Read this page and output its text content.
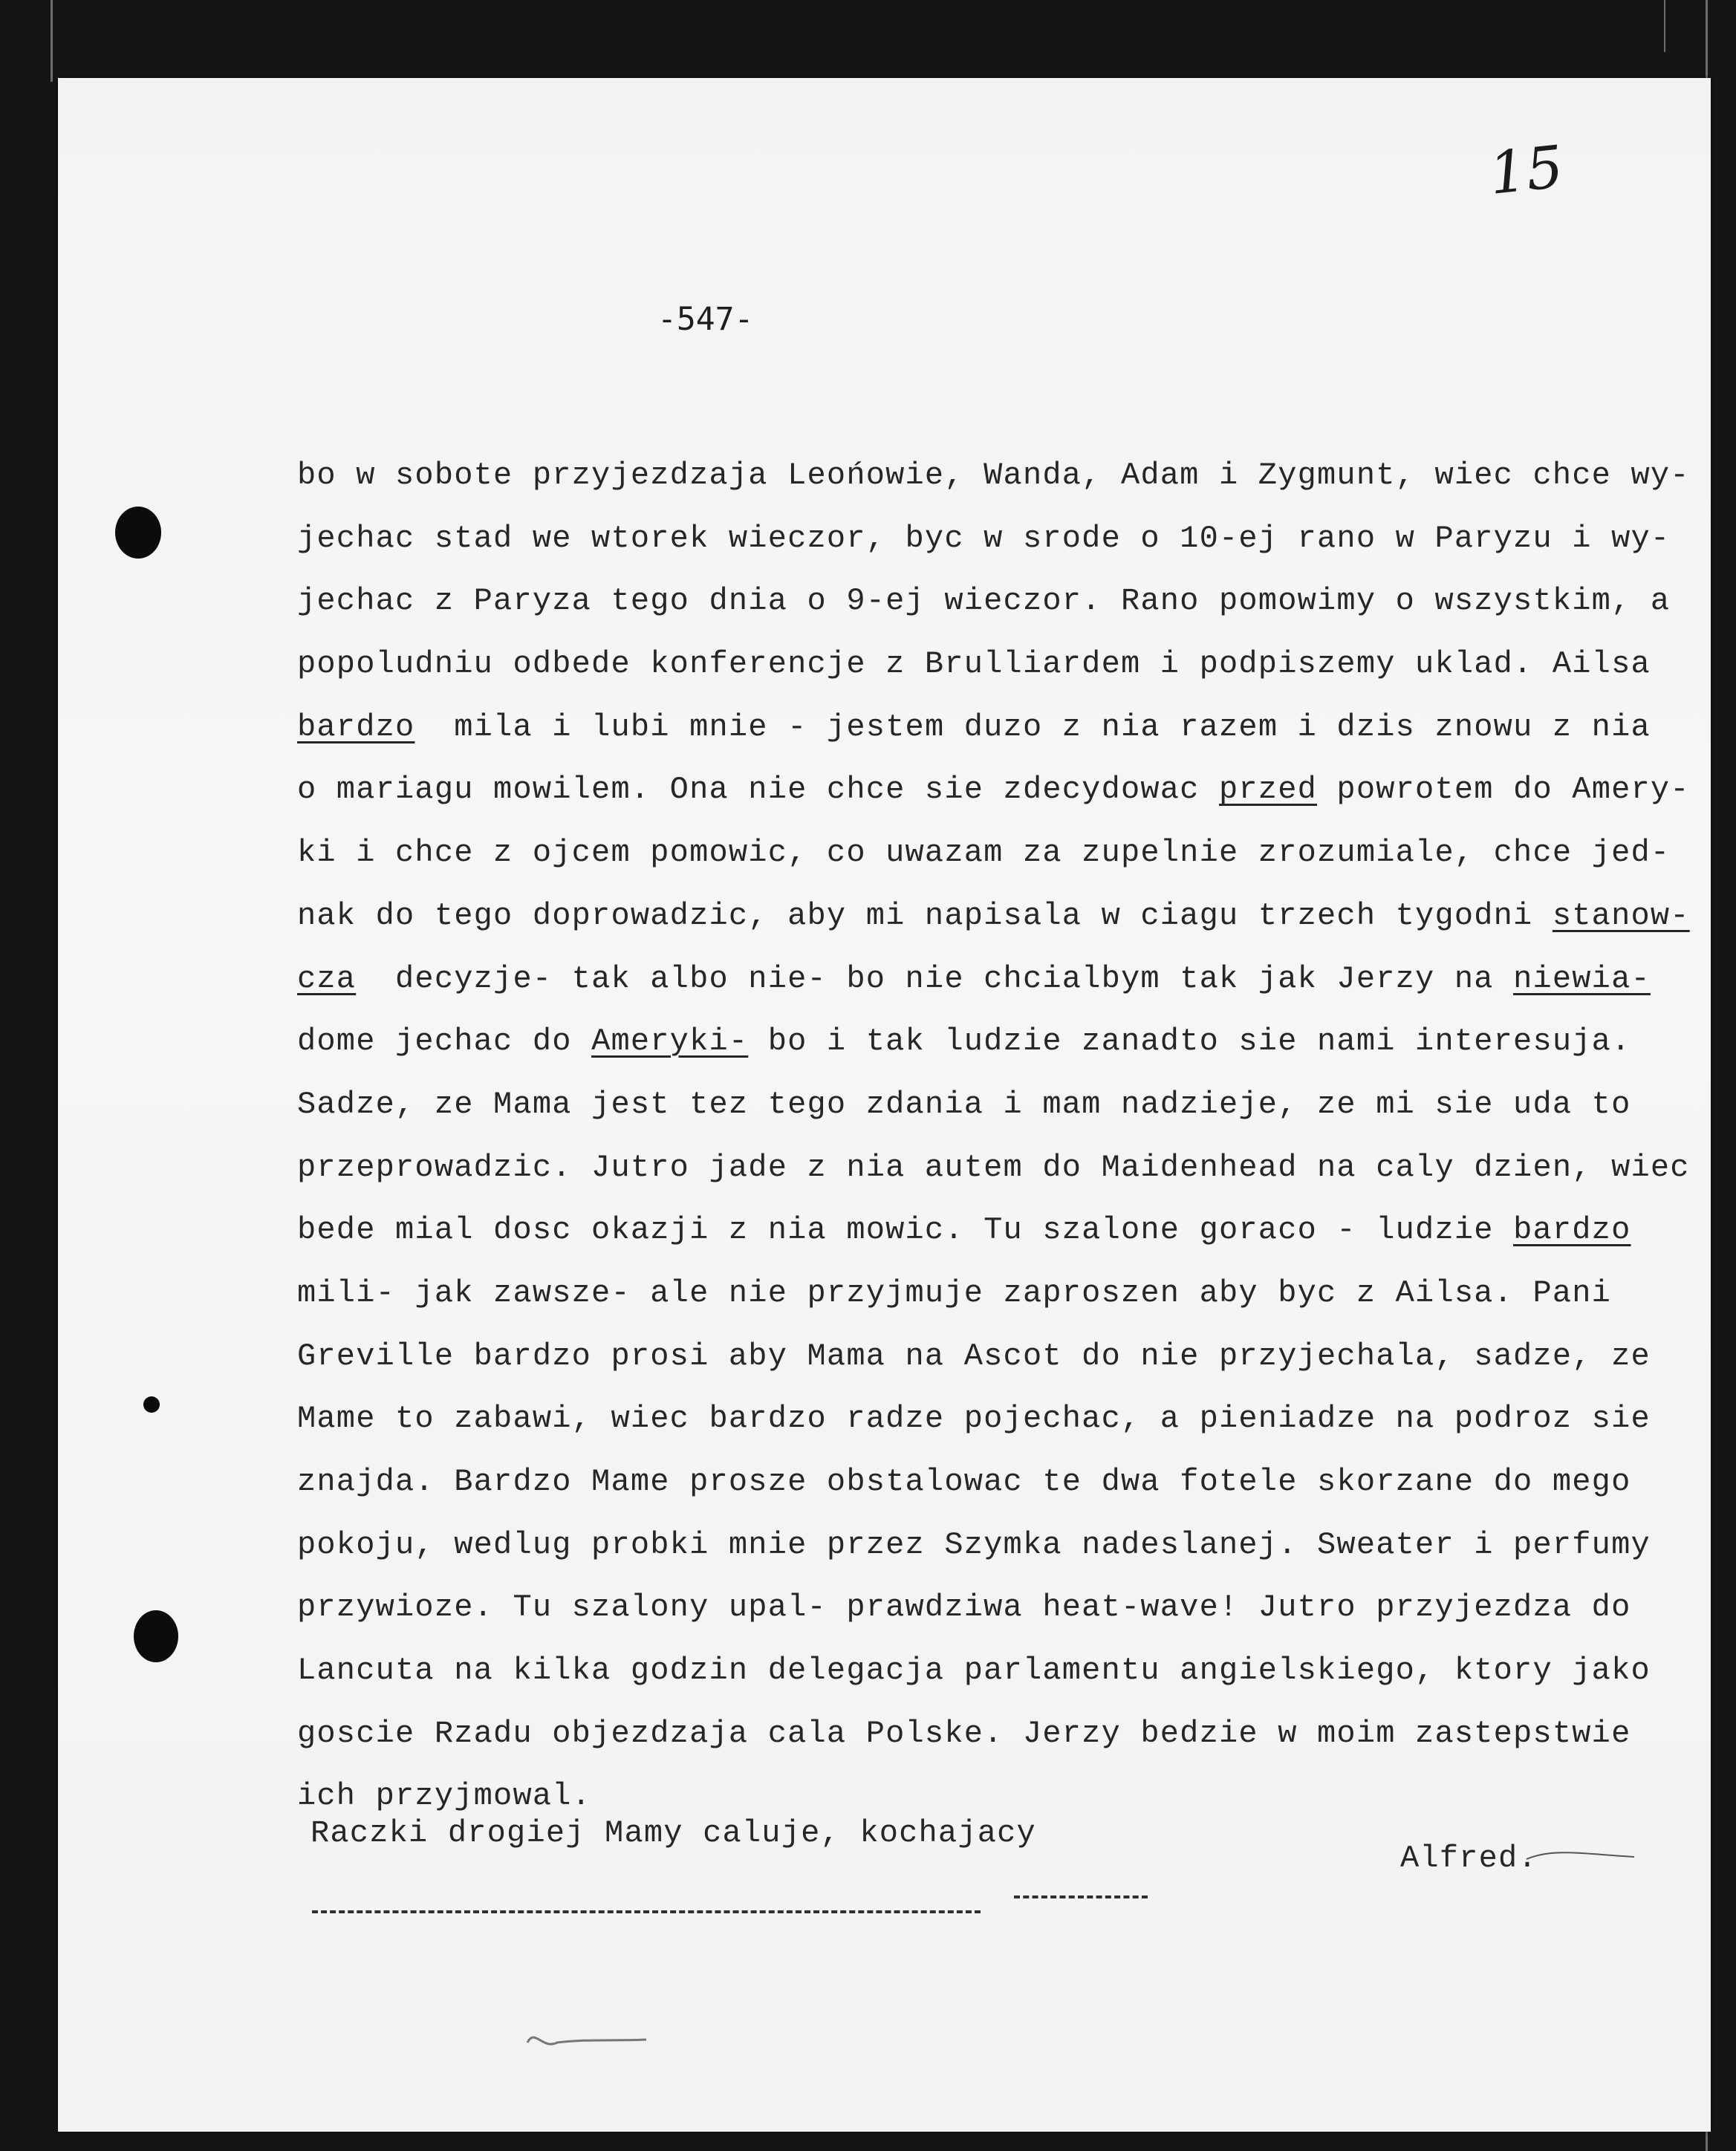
15
-547-
bo w sobote przyjezdzaja Leońowie, Wanda, Adam i Zygmunt, wiec chce wy-
jechac stad we wtorek wieczor, byc w srode o 10-ej rano w Paryzu i wy-
jechac z Paryza tego dnia o 9-ej wieczor. Rano pomowimy o wszystkim, a
popoludniu odbede konferencje z Brulliardem i podpiszemy uklad. Ailsa
bardzo  mila i lubi mnie - jestem duzo z nia razem i dzis znowu z nia
o mariagu mowilem. Ona nie chce sie zdecydowac przed powrotem do Amery-
ki i chce z ojcem pomowic, co uwazam za zupelnie zrozumiale, chce jed-
nak do tego doprowadzic, aby mi napisala w ciagu trzech tygodni stanow-
cza  decyzje- tak albo nie- bo nie chcialbym tak jak Jerzy na niewia-
dome jechac do Ameryki- bo i tak ludzie zanadto sie nami interesuja.
Sadze, ze Mama jest tez tego zdania i mam nadzieje, ze mi sie uda to
przeprowadzic. Jutro jade z nia autem do Maidenhead na caly dzien, wiec
bede mial dosc okazji z nia mowic. Tu szalone goraco - ludzie bardzo
mili- jak zawsze- ale nie przyjmuje zaproszen aby byc z Ailsa. Pani
Greville bardzo prosi aby Mama na Ascot do nie przyjechala, sadze, ze
Mame to zabawi, wiec bardzo radze pojechac, a pieniadze na podroz sie
znajda. Bardzo Mame prosze obstalowac te dwa fotele skorzane do mego
pokoju, wedlug probki mnie przez Szymka nadeslanej. Sweater i perfumy
przywioze. Tu szalony upal- prawdziwa heat-wave! Jutro przyjezdza do
Lancuta na kilka godzin delegacja parlamentu angielskiego, ktory jako
goscie Rzadu objezdzaja cala Polske. Jerzy bedzie w moim zastepstwie
ich przyjmowal.
Raczki drogiej Mamy caluje, kochajacy
Alfred.
